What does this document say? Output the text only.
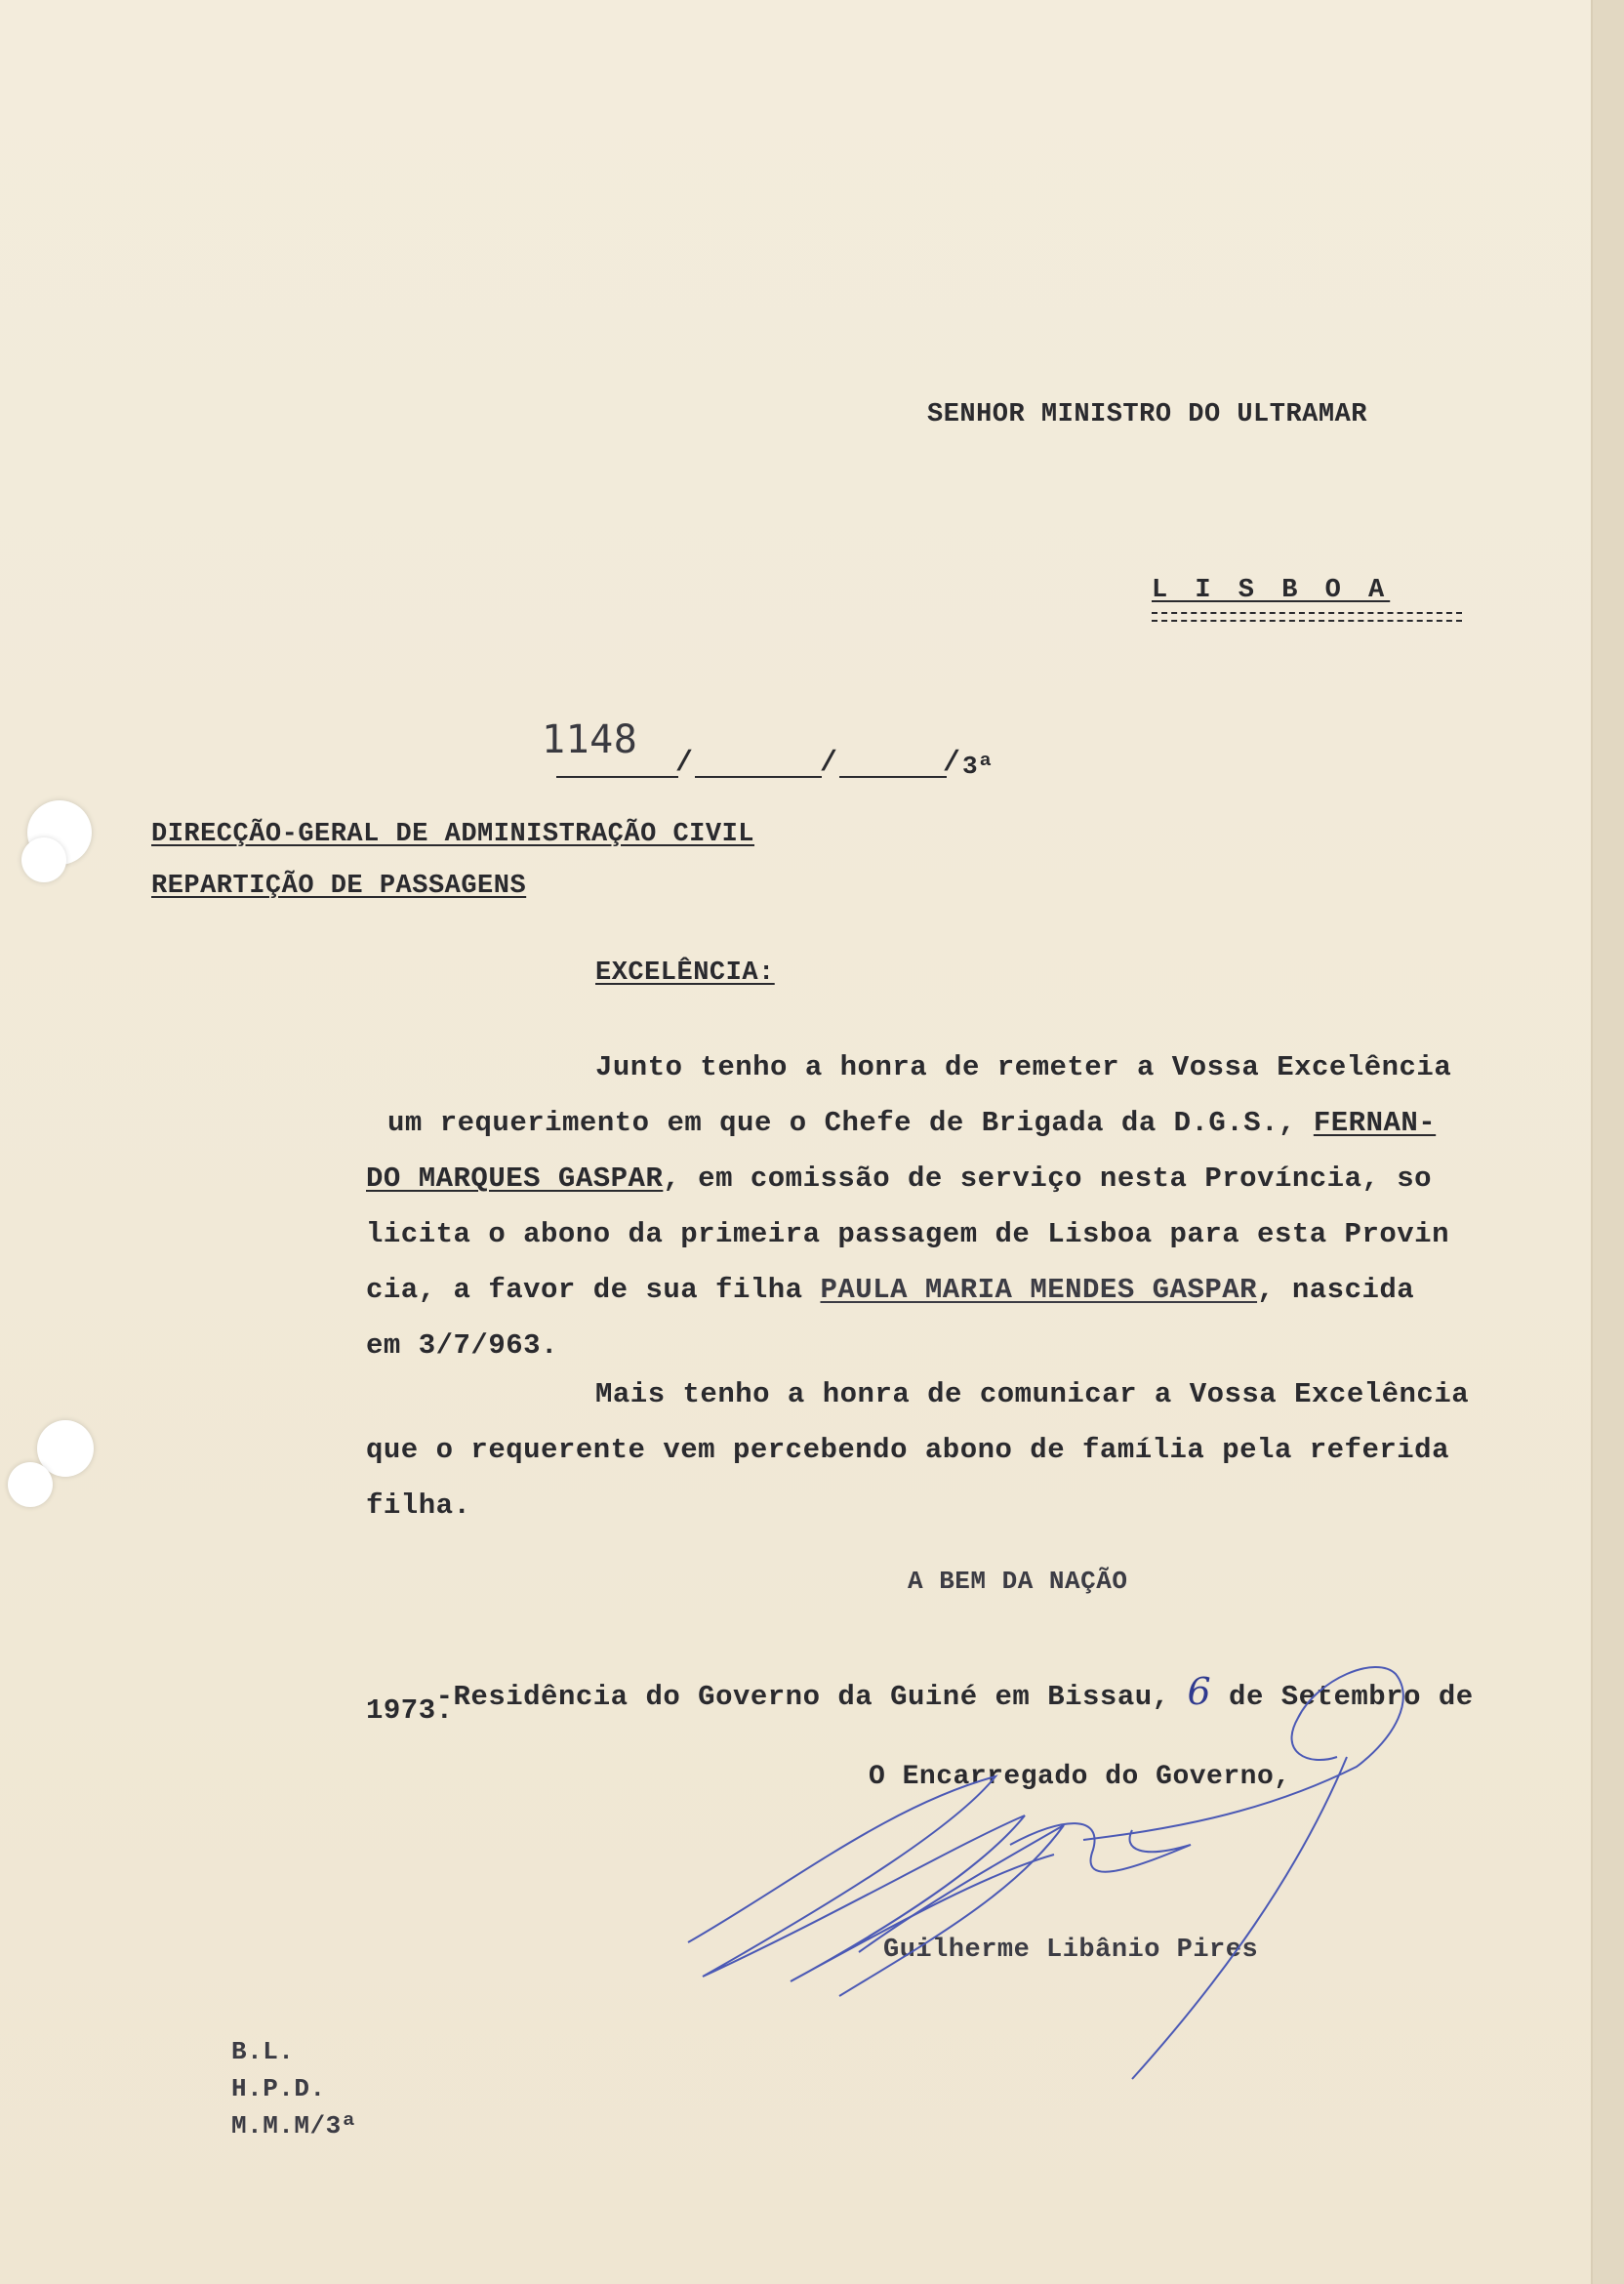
SENHOR MINISTRO DO ULTRAMAR
L I S B O A
1148
/	/	/ 3ª
DIRECÇÃO-GERAL DE ADMINISTRAÇÃO CIVIL
REPARTIÇÃO DE PASSAGENS
EXCELÊNCIA:
Junto tenho a honra de remeter a Vossa Excelência
um requerimento em que o Chefe de Brigada da D.G.S., FERNAN-
DO MARQUES GASPAR, em comissão de serviço nesta Província, so
licita o abono da primeira passagem de Lisboa para esta Provin
cia, a favor de sua filha PAULA MARIA MENDES GASPAR, nascida
em 3/7/963.
Mais tenho a honra de comunicar a Vossa Excelência
que o requerente vem percebendo abono de família pela referida
filha.
A BEM DA NAÇÃO

-Residência do Governo da Guiné em Bissau, 6 de Setembro de

1973.
O Encarregado do Governo,
Guilherme Libânio Pires
B.L.
H.P.D.
M.M.M/3ª
